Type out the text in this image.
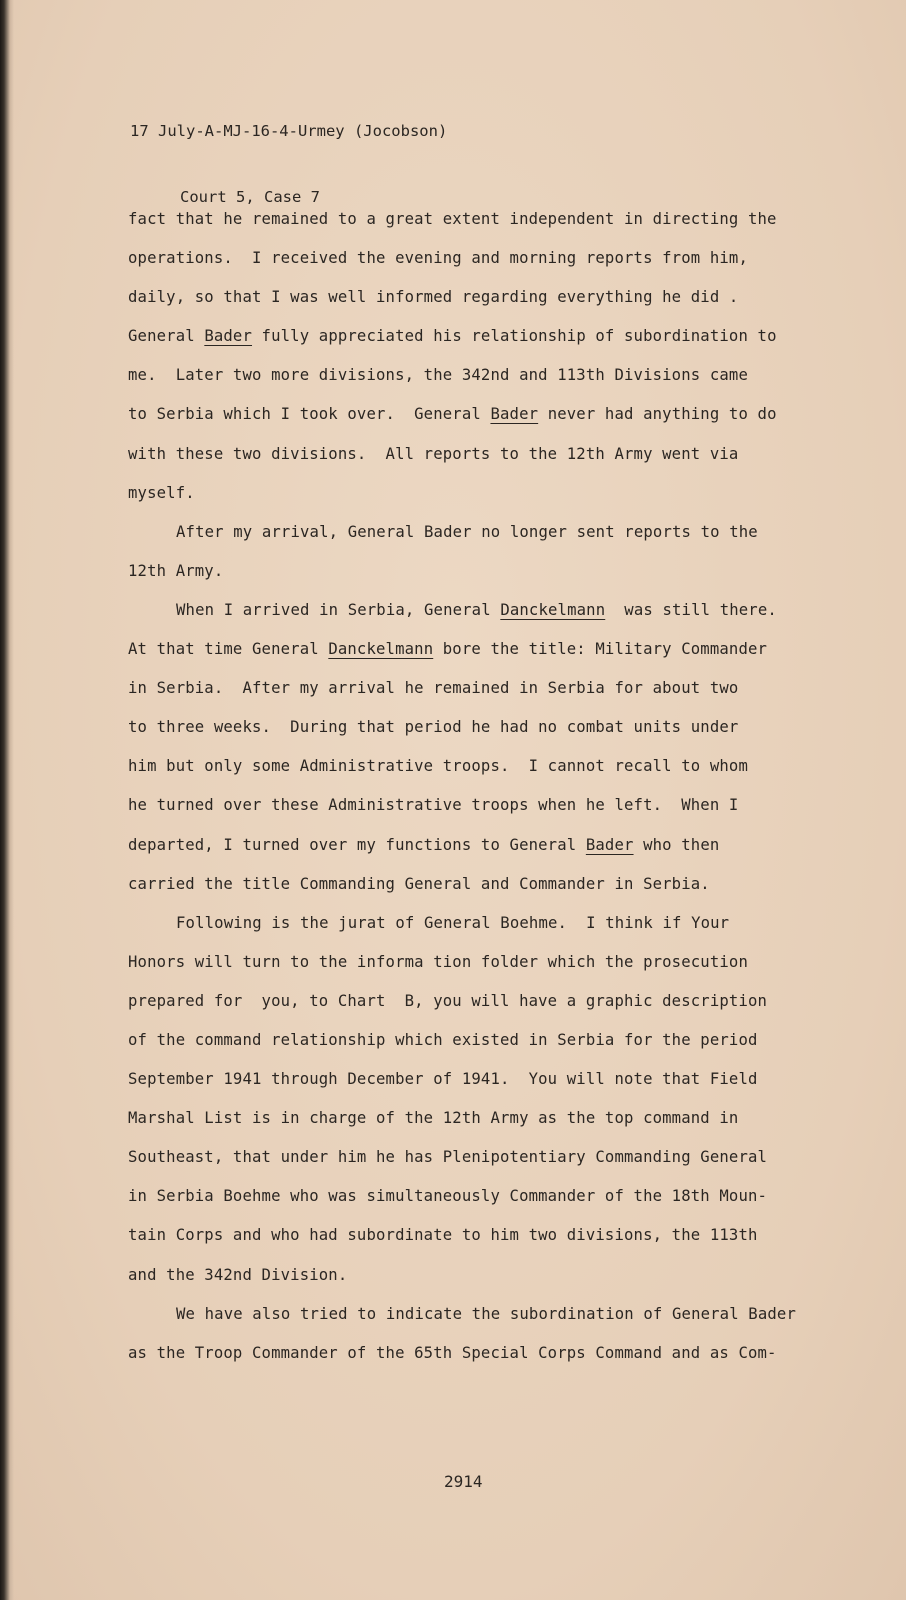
17 July-A-MJ-16-4-Urmey (Jocobson)

Court 5, Case 7

fact that he remained to a great extent independent in directing the
operations.  I received the evening and morning reports from him,
daily, so that I was well informed regarding everything he did .
General Bader fully appreciated his relationship of subordination to
me.  Later two more divisions, the 342nd and 113th Divisions came
to Serbia which I took over.  General Bader never had anything to do
with these two divisions.  All reports to the 12th Army went via
myself.
After my arrival, General Bader no longer sent reports to the
12th Army.
When I arrived in Serbia, General Danckelmann  was still there.
At that time General Danckelmann bore the title: Military Commander
in Serbia.  After my arrival he remained in Serbia for about two
to three weeks.  During that period he had no combat units under
him but only some Administrative troops.  I cannot recall to whom
he turned over these Administrative troops when he left.  When I
departed, I turned over my functions to General Bader who then
carried the title Commanding General and Commander in Serbia.
Following is the jurat of General Boehme.  I think if Your
Honors will turn to the informa tion folder which the prosecution
prepared for  you, to Chart  B, you will have a graphic description
of the command relationship which existed in Serbia for the period
September 1941 through December of 1941.  You will note that Field
Marshal List is in charge of the 12th Army as the top command in
Southeast, that under him he has Plenipotentiary Commanding General
in Serbia Boehme who was simultaneously Commander of the 18th Moun-
tain Corps and who had subordinate to him two divisions, the 113th
and the 342nd Division.
We have also tried to indicate the subordination of General Bader
as the Troop Commander of the 65th Special Corps Command and as Com-
2914
